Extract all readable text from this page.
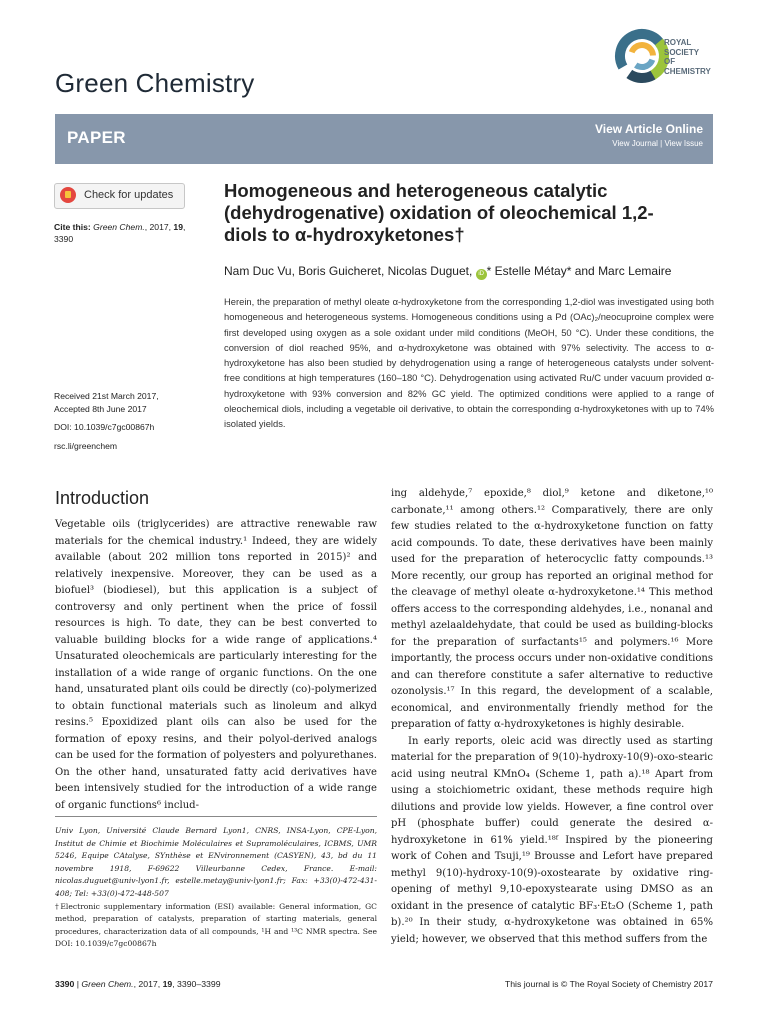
Green Chemistry
ROYAL SOCIETY
OF CHEMISTRY
PAPER	View Article Online
View Journal | View Issue
Check for updates
Cite this: Green Chem., 2017, 19, 3390
Received 21st March 2017,
Accepted 8th June 2017
DOI: 10.1039/c7gc00867h
rsc.li/greenchem
Homogeneous and heterogeneous catalytic (dehydrogenative) oxidation of oleochemical 1,2-diols to α-hydroxyketones†
Nam Duc Vu, Boris Guicheret, Nicolas Duguet, iD * Estelle Métay* and Marc Lemaire
Herein, the preparation of methyl oleate α-hydroxyketone from the corresponding 1,2-diol was investigated using both homogeneous and heterogeneous systems. Homogeneous conditions using a Pd (OAc)₂/neocuproine complex were first developed using oxygen as a sole oxidant under mild conditions (MeOH, 50 °C). Under these conditions, the conversion of diol reached 95%, and α-hydroxyketone was obtained with 97% selectivity. The access to α-hydroxyketone has also been studied by dehydrogenation using a range of heterogeneous catalysts under solvent-free conditions at high temperatures (160–180 °C). Dehydrogenation using activated Ru/C under vacuum provided α-hydroxyketone with 93% conversion and 82% GC yield. The optimized conditions were applied to a range of oleochemical diols, including a vegetable oil derivative, to obtain the corresponding α-hydroxyketones with up to 74% isolated yields.
Introduction

Vegetable oils (triglycerides) are attractive renewable raw materials for the chemical industry.¹ Indeed, they are widely available (about 202 million tons reported in 2015)² and relatively inexpensive. Moreover, they can be used as a biofuel³ (biodiesel), but this application is a subject of controversy and only pertinent when the price of fossil resources is high. To date, they can be best converted to valuable building blocks for a wide range of applications.⁴ Unsaturated oleochemicals are particularly interesting for the installation of a wide range of organic functions. On the one hand, unsaturated plant oils could be directly (co)-polymerized to obtain functional materials such as linoleum and alkyd resins.⁵ Epoxidized plant oils can also be used for the formation of epoxy resins, and their polyol-derived analogs can be used for the formation of polyesters and polyurethanes. On the other hand, unsaturated fatty acid derivatives have been intensively studied for the introduction of a wide range of organic functions⁶ includ-

ing aldehyde,⁷ epoxide,⁸ diol,⁹ ketone and diketone,¹⁰ carbonate,¹¹ among others.¹² Comparatively, there are only few studies related to the α-hydroxyketone function on fatty acid compounds. To date, these derivatives have been mainly used for the preparation of heterocyclic fatty compounds.¹³ More recently, our group has reported an original method for the cleavage of methyl oleate α-hydroxyketone.¹⁴ This method offers access to the corresponding aldehydes, i.e., nonanal and methyl azelaaldehydate, that could be used as building-blocks for the preparation of surfactants¹⁵ and polymers.¹⁶ More importantly, the process occurs under non-oxidative conditions and can therefore constitute a safer alternative to reductive ozonolysis.¹⁷ In this regard, the development of a scalable, economical, and environmentally friendly method for the preparation of fatty α-hydroxyketones is highly desirable.

In early reports, oleic acid was directly used as starting material for the preparation of 9(10)-hydroxy-10(9)-oxo-stearic acid using neutral KMnO₄ (Scheme 1, path a).¹⁸ Apart from using a stoichiometric oxidant, these methods require high dilutions and provide low yields. However, a fine control over pH (phosphate buffer) could generate the desired α-hydroxyketone in 61% yield.¹⁸ᶠ Inspired by the pioneering work of Cohen and Tsuji,¹⁹ Brousse and Lefort have prepared methyl 9(10)-hydroxy-10(9)-oxostearate by oxidative ring-opening of methyl 9,10-epoxystearate using DMSO as an oxidant in the presence of catalytic BF₃·Et₂O (Scheme 1, path b).²⁰ In their study, α-hydroxyketone was obtained in 65% yield; however, we observed that this method suffers from the

Univ Lyon, Université Claude Bernard Lyon1, CNRS, INSA-Lyon, CPE-Lyon, Institut de Chimie et Biochimie Moléculaires et Supramoléculaires, ICBMS, UMR 5246, Equipe CAtalyse, SYnthèse et ENvironnement (CASYEN), 43, bd du 11 novembre 1918, F-69622 Villeurbanne Cedex, France. E-mail: nicolas.duguet@univ-lyon1.fr, estelle.metay@univ-lyon1.fr; Fax: +33(0)-472-431-408; Tel: +33(0)-472-448-507

†Electronic supplementary information (ESI) available: General information, GC method, preparation of catalysts, preparation of starting materials, general procedures, characterization data of all compounds, ¹H and ¹³C NMR spectra. See DOI: 10.1039/c7gc00867h

3390 | Green Chem., 2017, 19, 3390–3399	This journal is © The Royal Society of Chemistry 2017
